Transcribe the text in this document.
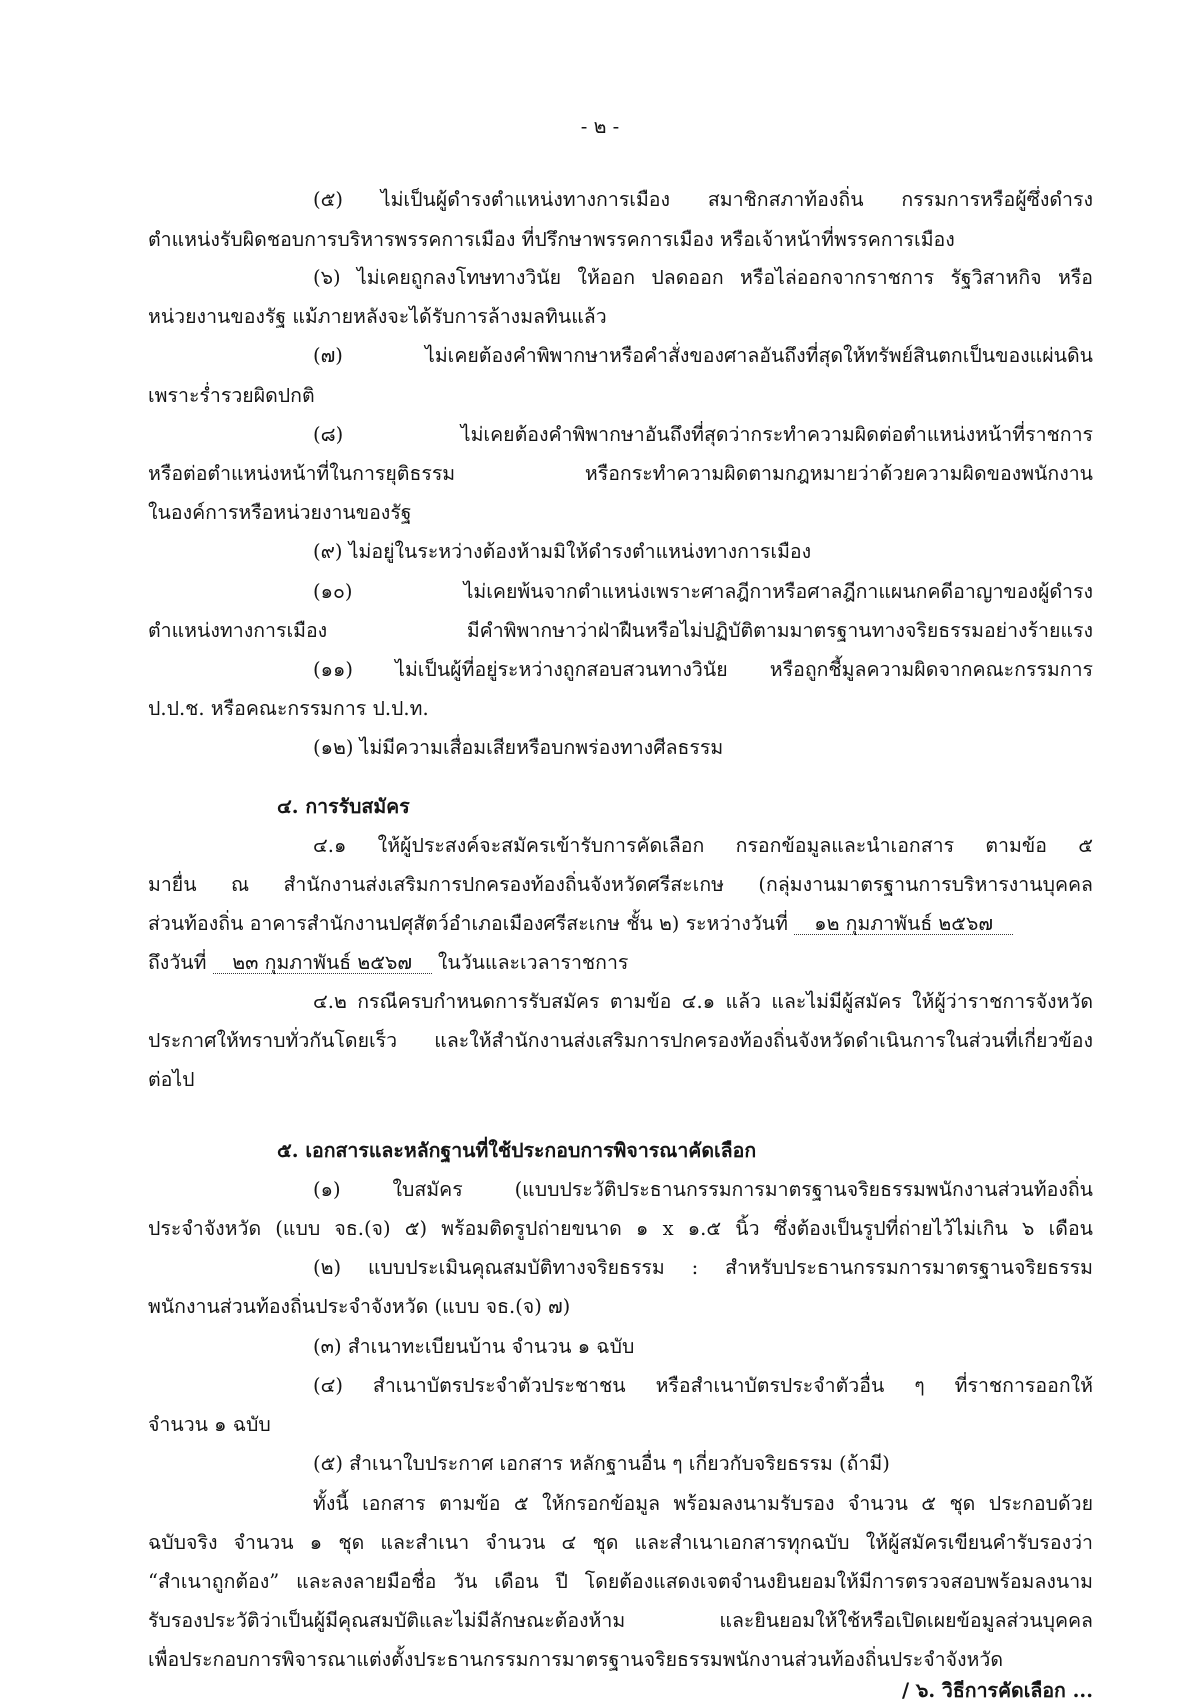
- ๒ -
(๕) ไม่เป็นผู้ดำรงตำแหน่งทางการเมือง สมาชิกสภาท้องถิ่น กรรมการหรือผู้ซึ่งดำรง
ตำแหน่งรับผิดชอบการบริหารพรรคการเมือง ที่ปรึกษาพรรคการเมือง หรือเจ้าหน้าที่พรรคการเมือง
(๖) ไม่เคยถูกลงโทษทางวินัย ให้ออก ปลดออก หรือไล่ออกจากราชการ รัฐวิสาหกิจ หรือ
หน่วยงานของรัฐ แม้ภายหลังจะได้รับการล้างมลทินแล้ว
(๗) ไม่เคยต้องคำพิพากษาหรือคำสั่งของศาลอันถึงที่สุดให้ทรัพย์สินตกเป็นของแผ่นดิน
เพราะร่ำรวยผิดปกติ
(๘) ไม่เคยต้องคำพิพากษาอันถึงที่สุดว่ากระทำความผิดต่อตำแหน่งหน้าที่ราชการ
หรือต่อตำแหน่งหน้าที่ในการยุติธรรม หรือกระทำความผิดตามกฎหมายว่าด้วยความผิดของพนักงาน
ในองค์การหรือหน่วยงานของรัฐ
(๙) ไม่อยู่ในระหว่างต้องห้ามมิให้ดำรงตำแหน่งทางการเมือง
(๑๐) ไม่เคยพ้นจากตำแหน่งเพราะศาลฎีกาหรือศาลฎีกาแผนกคดีอาญาของผู้ดำรง
ตำแหน่งทางการเมือง มีคำพิพากษาว่าฝ่าฝืนหรือไม่ปฏิบัติตามมาตรฐานทางจริยธรรมอย่างร้ายแรง
(๑๑) ไม่เป็นผู้ที่อยู่ระหว่างถูกสอบสวนทางวินัย หรือถูกชี้มูลความผิดจากคณะกรรมการ
ป.ป.ช. หรือคณะกรรมการ ป.ป.ท.
(๑๒) ไม่มีความเสื่อมเสียหรือบกพร่องทางศีลธรรม
๔. การรับสมัคร
๔.๑ ให้ผู้ประสงค์จะสมัครเข้ารับการคัดเลือก กรอกข้อมูลและนำเอกสาร ตามข้อ ๕
มายื่น ณ สำนักงานส่งเสริมการปกครองท้องถิ่นจังหวัดศรีสะเกษ (กลุ่มงานมาตรฐานการบริหารงานบุคคล
ส่วนท้องถิ่น อาคารสำนักงานปศุสัตว์อำเภอเมืองศรีสะเกษ ชั้น ๒) ระหว่างวันที่ ๑๒ กุมภาพันธ์ ๒๕๖๗
ถึงวันที่ ๒๓ กุมภาพันธ์ ๒๕๖๗ ในวันและเวลาราชการ
๔.๒ กรณีครบกำหนดการรับสมัคร ตามข้อ ๔.๑ แล้ว และไม่มีผู้สมัคร ให้ผู้ว่าราชการจังหวัด
ประกาศให้ทราบทั่วกันโดยเร็ว และให้สำนักงานส่งเสริมการปกครองท้องถิ่นจังหวัดดำเนินการในส่วนที่เกี่ยวข้อง
ต่อไป
๕. เอกสารและหลักฐานที่ใช้ประกอบการพิจารณาคัดเลือก
(๑) ใบสมัคร (แบบประวัติประธานกรรมการมาตรฐานจริยธรรมพนักงานส่วนท้องถิ่น
ประจำจังหวัด (แบบ จธ.(จ) ๕) พร้อมติดรูปถ่ายขนาด ๑ x ๑.๕ นิ้ว ซึ่งต้องเป็นรูปที่ถ่ายไว้ไม่เกิน ๖ เดือน
(๒) แบบประเมินคุณสมบัติทางจริยธรรม : สำหรับประธานกรรมการมาตรฐานจริยธรรม
พนักงานส่วนท้องถิ่นประจำจังหวัด (แบบ จธ.(จ) ๗)
(๓) สำเนาทะเบียนบ้าน จำนวน ๑ ฉบับ
(๔) สำเนาบัตรประจำตัวประชาชน หรือสำเนาบัตรประจำตัวอื่น ๆ ที่ราชการออกให้
จำนวน ๑ ฉบับ
(๕) สำเนาใบประกาศ เอกสาร หลักฐานอื่น ๆ เกี่ยวกับจริยธรรม (ถ้ามี)
ทั้งนี้ เอกสาร ตามข้อ ๕ ให้กรอกข้อมูล พร้อมลงนามรับรอง จำนวน ๕ ชุด ประกอบด้วย
ฉบับจริง จำนวน ๑ ชุด และสำเนา จำนวน ๔ ชุด และสำเนาเอกสารทุกฉบับ ให้ผู้สมัครเขียนคำรับรองว่า
“สำเนาถูกต้อง” และลงลายมือชื่อ วัน เดือน ปี โดยต้องแสดงเจตจำนงยินยอมให้มีการตรวจสอบพร้อมลงนาม
รับรองประวัติว่าเป็นผู้มีคุณสมบัติและไม่มีลักษณะต้องห้าม และยินยอมให้ใช้หรือเปิดเผยข้อมูลส่วนบุคคล
เพื่อประกอบการพิจารณาแต่งตั้งประธานกรรมการมาตรฐานจริยธรรมพนักงานส่วนท้องถิ่นประจำจังหวัด
/ ๖. วิธีการคัดเลือก ...
